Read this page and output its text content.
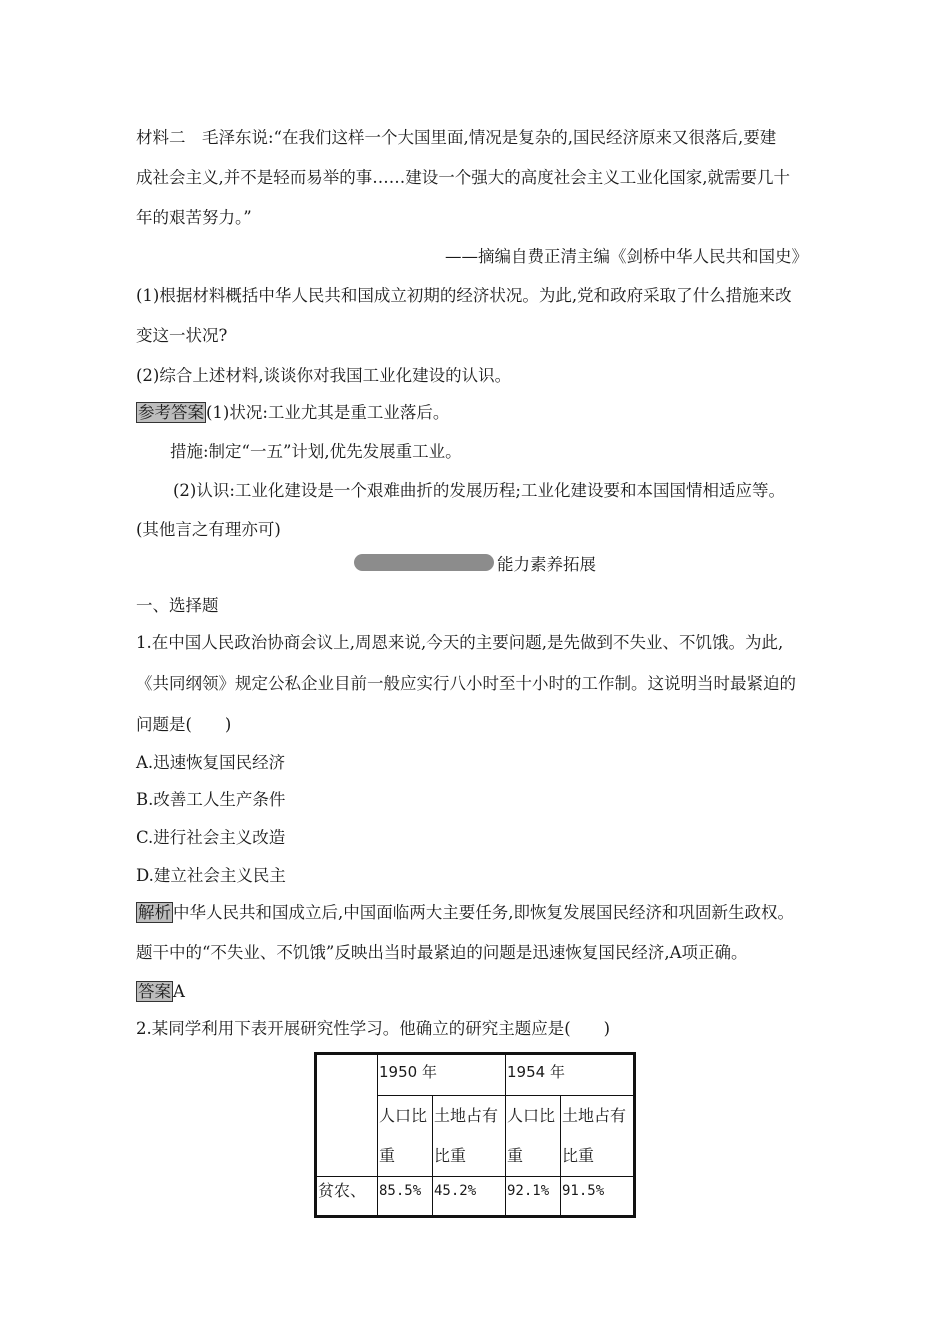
材料二　毛泽东说:“在我们这样一个大国里面,情况是复杂的,国民经济原来又很落后,要建
成社会主义,并不是轻而易举的事……建设一个强大的高度社会主义工业化国家,就需要几十
年的艰苦努力。”
——摘编自费正清主编《剑桥中华人民共和国史》
(1)根据材料概括中华人民共和国成立初期的经济状况。为此,党和政府采取了什么措施来改
变这一状况?
(2)综合上述材料,谈谈你对我国工业化建设的认识。
参考答案 (1)状况:工业尤其是重工业落后。
措施:制定“一五”计划,优先发展重工业。
(2)认识:工业化建设是一个艰难曲折的发展历程;工业化建设要和本国国情相适应等。
(其他言之有理亦可)
能力素养拓展
一、选择题
1.在中国人民政治协商会议上,周恩来说,今天的主要问题,是先做到不失业、不饥饿。为此,
《共同纲领》规定公私企业目前一般应实行八小时至十小时的工作制。这说明当时最紧迫的
问题是(　　)
A.迅速恢复国民经济
B.改善工人生产条件
C.进行社会主义改造
D.建立社会主义民主
解析 中华人民共和国成立后,中国面临两大主要任务,即恢复发展国民经济和巩固新生政权。
题干中的“不失业、不饥饿”反映出当时最紧迫的问题是迅速恢复国民经济,A项正确。
答案 A
2.某同学利用下表开展研究性学习。他确立的研究主题应是(　　)
	1950 年		1954 年	
	人口比重	土地占有比重	人口比重	土地占有比重
贫农、	85.5%	45.2%	92.1%	91.5%
